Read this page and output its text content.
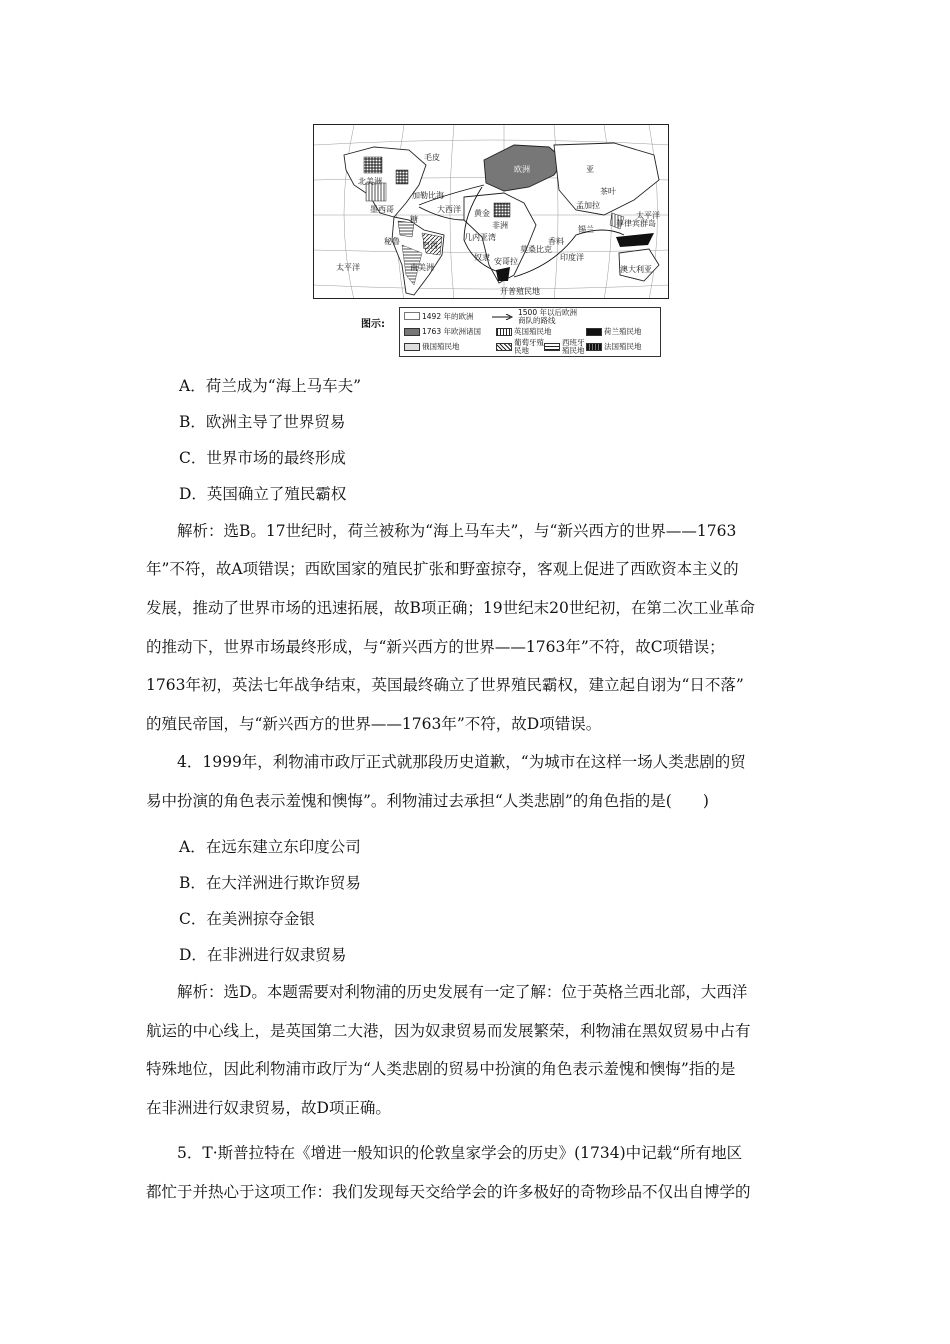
北美洲
南美洲
欧洲	亚
非洲
澳大利亚
大西洋
印度洋
太平洋
太平洋
墨西哥
秘鲁	巴西
几内亚湾
安哥拉
莫桑比克
开普殖民地
锡兰
孟加拉
菲律宾群岛
加勒比海
毛皮
糖
奴隶
香料
茶叶
黄金
图示:
1492 年的欧洲	1500 年以后欧洲商队的路线
1763 年欧洲诸国	英国殖民地	荷兰殖民地
俄国殖民地	葡萄牙殖民地
西班牙殖民地	法国殖民地
A．荷兰成为“海上马车夫”
B．欧洲主导了世界贸易
C．世界市场的最终形成
D．英国确立了殖民霸权
解析：选B。17世纪时，荷兰被称为“海上马车夫”，与“新兴西方的世界——1763
年”不符，故A项错误；西欧国家的殖民扩张和野蛮掠夺，客观上促进了西欧资本主义的
发展，推动了世界市场的迅速拓展，故B项正确；19世纪末20世纪初，在第二次工业革命
的推动下，世界市场最终形成，与“新兴西方的世界——1763年”不符，故C项错误；
1763年初，英法七年战争结束，英国最终确立了世界殖民霸权，建立起自诩为“日不落”
的殖民帝国，与“新兴西方的世界——1763年”不符，故D项错误。
4．1999年，利物浦市政厅正式就那段历史道歉，“为城市在这样一场人类悲剧的贸
易中扮演的角色表示羞愧和懊悔”。利物浦过去承担“人类悲剧”的角色指的是(　　)
A．在远东建立东印度公司
B．在大洋洲进行欺诈贸易
C．在美洲掠夺金银
D．在非洲进行奴隶贸易
解析：选D。本题需要对利物浦的历史发展有一定了解：位于英格兰西北部，大西洋
航运的中心线上，是英国第二大港，因为奴隶贸易而发展繁荣，利物浦在黑奴贸易中占有
特殊地位，因此利物浦市政厅为“人类悲剧的贸易中扮演的角色表示羞愧和懊悔”指的是
在非洲进行奴隶贸易，故D项正确。
5．T·斯普拉特在《增进一般知识的伦敦皇家学会的历史》(1734)中记载“所有地区
都忙于并热心于这项工作：我们发现每天交给学会的许多极好的奇物珍品不仅出自博学的
